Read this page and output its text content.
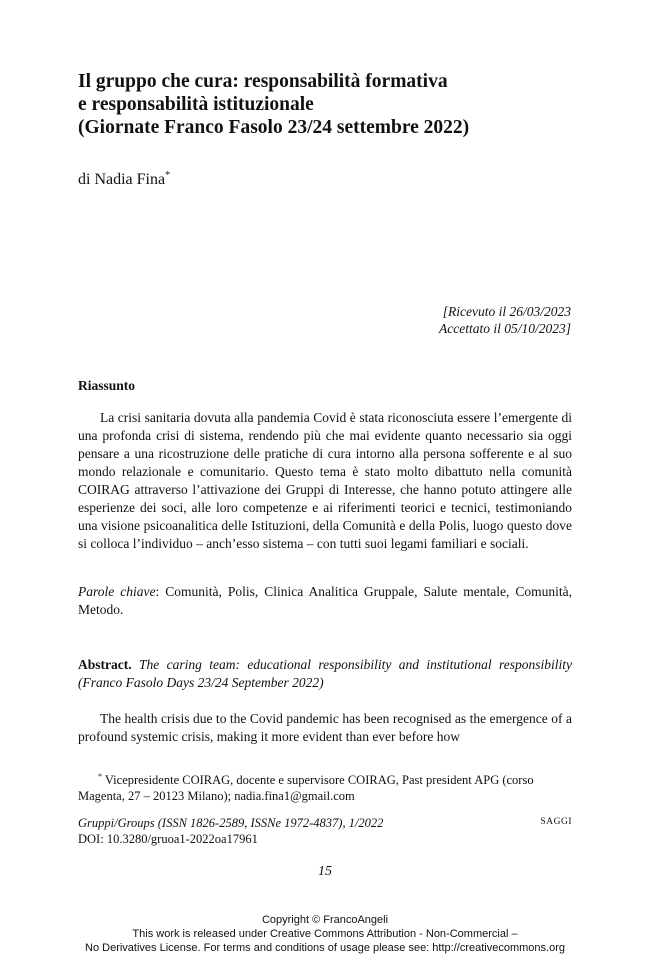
Il gruppo che cura: responsabilità formativa
e responsabilità istituzionale
(Giornate Franco Fasolo 23/24 settembre 2022)
di Nadia Fina*
[Ricevuto il 26/03/2023
Accettato il 05/10/2023]
Riassunto
La crisi sanitaria dovuta alla pandemia Covid è stata riconosciuta essere l’emergente di una profonda crisi di sistema, rendendo più che mai evidente quanto necessario sia oggi pensare a una ricostruzione delle pratiche di cura intorno alla persona sofferente e al suo mondo relazionale e comunitario. Questo tema è stato molto dibattuto nella comunità COIRAG attraverso l’attivazione dei Gruppi di Interesse, che hanno potuto attingere alle esperienze dei soci, alle loro competenze e ai riferimenti teorici e tecnici, testimoniando una visione psicoanalitica delle Istituzioni, della Comunità e della Polis, luogo questo dove si colloca l’individuo – anch’esso sistema – con tutti suoi legami familiari e sociali.
Parole chiave: Comunità, Polis, Clinica Analitica Gruppale, Salute mentale, Comunità, Metodo.
Abstract. The caring team: educational responsibility and institutional responsibility (Franco Fasolo Days 23/24 September 2022)
The health crisis due to the Covid pandemic has been recognised as the emergence of a profound systemic crisis, making it more evident than ever before how
* Vicepresidente COIRAG, docente e supervisore COIRAG, Past president APG (corso Magenta, 27 – 20123 Milano); nadia.fina1@gmail.com
Gruppi/Groups (ISSN 1826-2589, ISSNe 1972-4837), 1/2022
DOI: 10.3280/gruoa1-2022oa17961
SAGGI
15
Copyright © FrancoAngeli
This work is released under Creative Commons Attribution - Non-Commercial –
No Derivatives License. For terms and conditions of usage please see: http://creativecommons.org
